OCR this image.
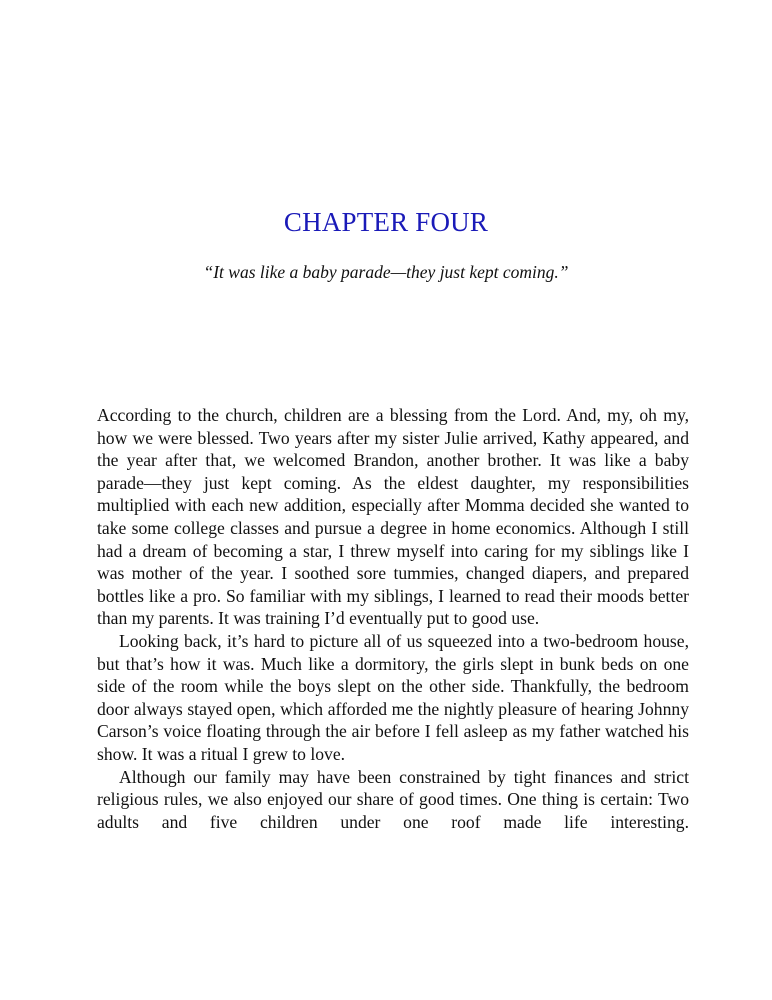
CHAPTER FOUR

“It was like a baby parade—they just kept coming.”

According to the church, children are a blessing from the Lord. And, my, oh my, how we were blessed. Two years after my sister Julie arrived, Kathy appeared, and the year after that, we welcomed Brandon, another brother. It was like a baby parade—they just kept coming. As the eldest daughter, my responsibilities multiplied with each new addition, especially after Momma decided she wanted to take some college classes and pursue a degree in home economics. Although I still had a dream of becoming a star, I threw myself into caring for my siblings like I was mother of the year. I soothed sore tummies, changed diapers, and prepared bottles like a pro. So familiar with my siblings, I learned to read their moods better than my parents. It was training I’d eventually put to good use.

Looking back, it’s hard to picture all of us squeezed into a two-bedroom house, but that’s how it was. Much like a dormitory, the girls slept in bunk beds on one side of the room while the boys slept on the other side. Thankfully, the bedroom door always stayed open, which afforded me the nightly pleasure of hearing Johnny Carson’s voice floating through the air before I fell asleep as my father watched his show. It was a ritual I grew to love.

Although our family may have been constrained by tight finances and strict religious rules, we also enjoyed our share of good times. One thing is certain: Two adults and five children under one roof made life interesting.
